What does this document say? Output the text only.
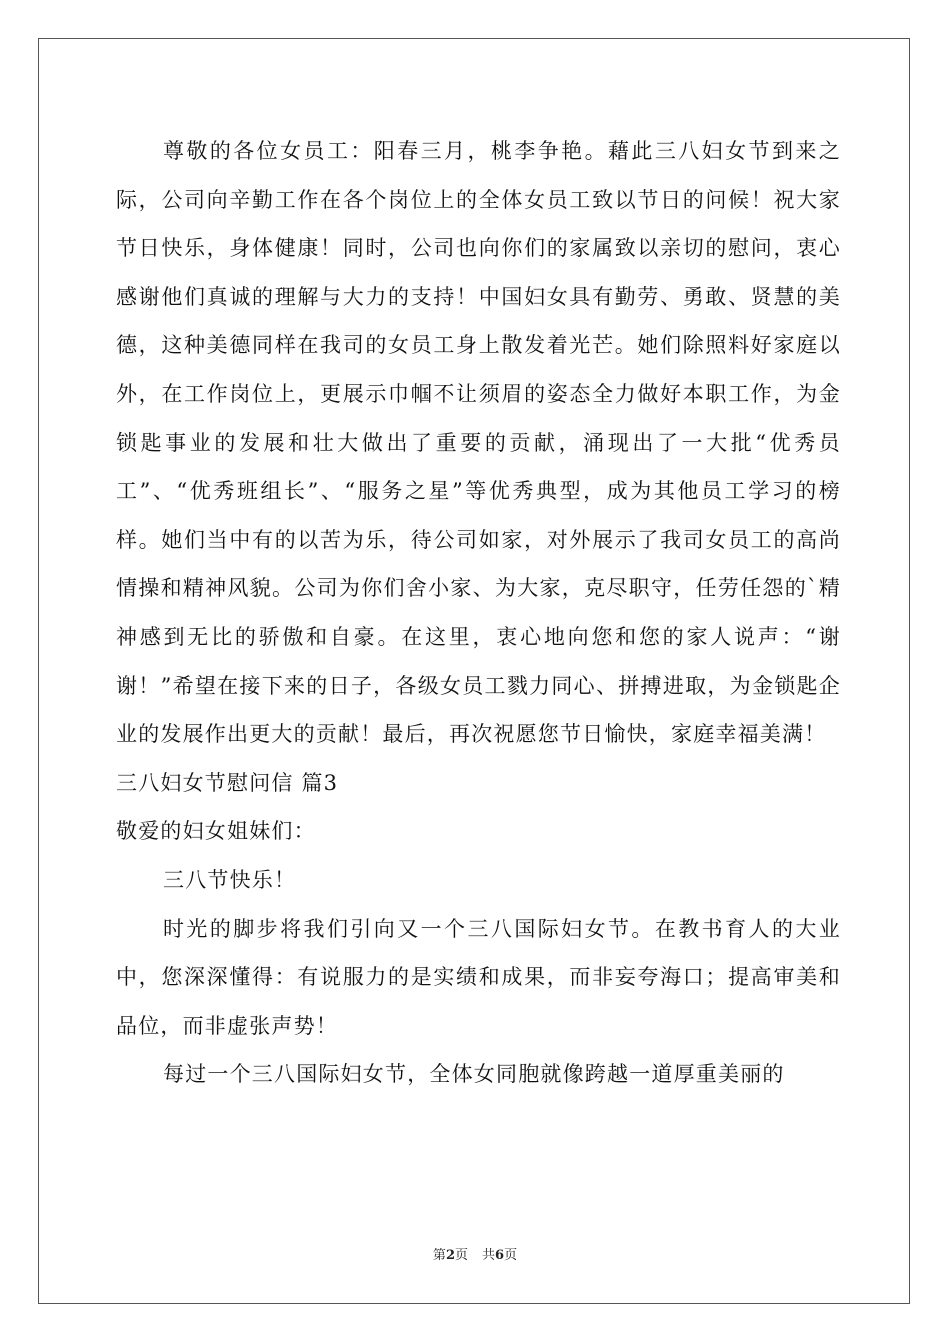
尊敬的各位女员工：阳春三月，桃李争艳。藉此三八妇女节到来之际，公司向辛勤工作在各个岗位上的全体女员工致以节日的问候！祝大家节日快乐，身体健康！同时，公司也向你们的家属致以亲切的慰问，衷心感谢他们真诚的理解与大力的支持！中国妇女具有勤劳、勇敢、贤慧的美德，这种美德同样在我司的女员工身上散发着光芒。她们除照料好家庭以外，在工作岗位上，更展示巾帼不让须眉的姿态全力做好本职工作，为金锁匙事业的发展和壮大做出了重要的贡献，涌现出了一大批“优秀员工”、“优秀班组长”、“服务之星”等优秀典型，成为其他员工学习的榜样。她们当中有的以苦为乐，待公司如家，对外展示了我司女员工的高尚情操和精神风貌。公司为你们舍小家、为大家，克尽职守，任劳任怨的`精神感到无比的骄傲和自豪。在这里，衷心地向您和您的家人说声：“谢谢！”希望在接下来的日子，各级女员工戮力同心、拼搏进取，为金锁匙企业的发展作出更大的贡献！最后，再次祝愿您节日愉快，家庭幸福美满！

三八妇女节慰问信 篇3

敬爱的妇女姐妹们：

三八节快乐！

时光的脚步将我们引向又一个三八国际妇女节。在教书育人的大业中，您深深懂得：有说服力的是实绩和成果，而非妄夸海口；提高审美和品位，而非虚张声势！

每过一个三八国际妇女节，全体女同胞就像跨越一道厚重美丽的

第2页 共6页
